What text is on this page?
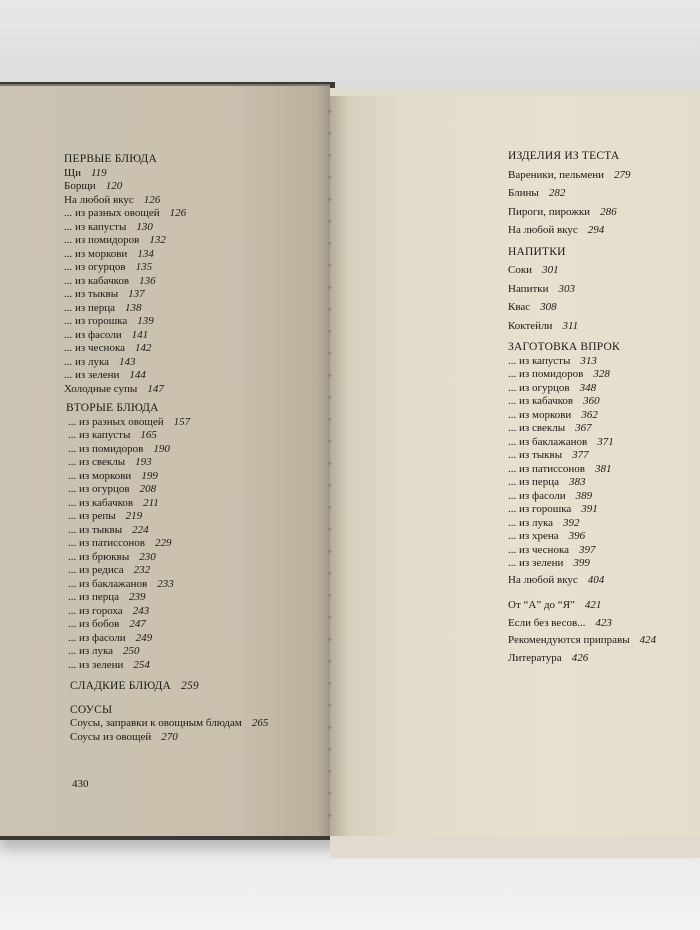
ПЕРВЫЕ БЛЮДА
Щи 119
Борщи 120
На любой вкус 126
... из разных овощей 126
... из капусты 130
... из помидоров 132
... из моркови 134
... из огурцов 135
... из кабачков 136
... из тыквы 137
... из перца 138
... из горошка 139
... из фасоли 141
... из чеснока 142
... из лука 143
... из зелени 144
Холодные супы 147
ВТОРЫЕ БЛЮДА
... из разных овощей 157
... из капусты 165
... из помидоров 190
... из свеклы 193
... из моркови 199
... из огурцов 208
... из кабачков 211
... из репы 219
... из тыквы 224
... из патиссонов 229
... из брюквы 230
... из редиса 232
... из баклажанов 233
... из перца 239
... из гороха 243
... из бобов 247
... из фасоли 249
... из лука 250
... из зелени 254
СЛАДКИЕ БЛЮДА 259
СОУСЫ
Соусы, заправки к овощным блюдам 265
Соусы из овощей 270
430
ИЗДЕЛИЯ ИЗ ТЕСТА
Вареники, пельмени 279
Блины 282
Пироги, пирожки 286
На любой вкус 294
НАПИТКИ
Соки 301
Напитки 303
Квас 308
Коктейли 311
ЗАГОТОВКА ВПРОК
... из капусты 313
... из помидоров 328
... из огурцов 348
... из кабачков 360
... из моркови 362
... из свеклы 367
... из баклажанов 371
... из тыквы 377
... из патиссонов 381
... из перца 383
... из фасоли 389
... из горошка 391
... из лука 392
... из хрена 396
... из чеснока 397
... из зелени 399
На любой вкус 404
От “А” до “Я” 421
Если без весов... 423
Рекомендуются приправы 424
Литература 426
